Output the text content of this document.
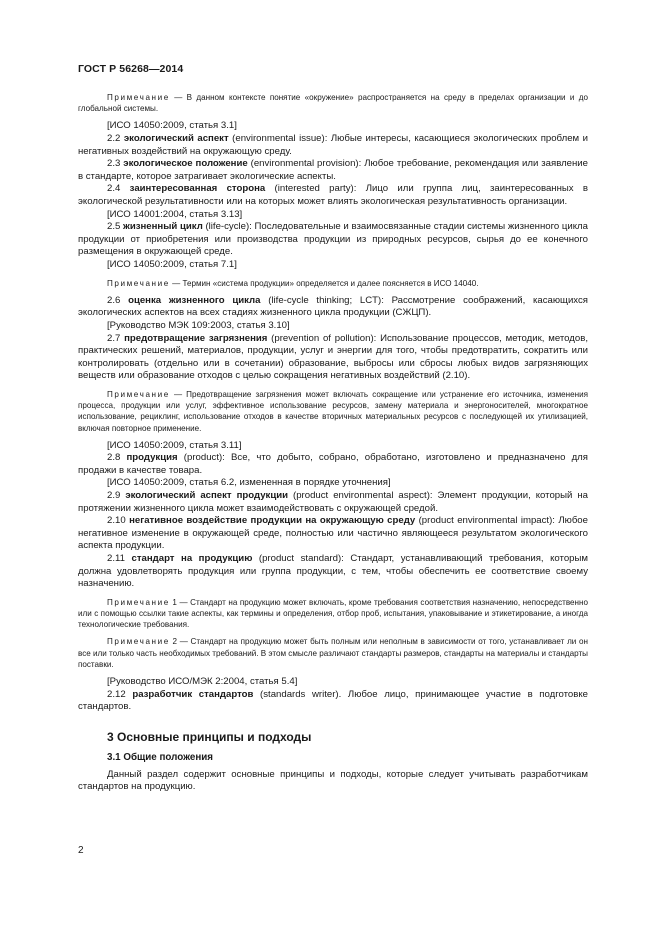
ГОСТ Р 56268—2014

Примечание — В данном контексте понятие «окружение» распространяется на среду в пределах организации и до глобальной системы.

[ИСО 14050:2009, статья 3.1]

2.2 экологический аспект (environmental issue): Любые интересы, касающиеся экологических проблем и негативных воздействий на окружающую среду.

2.3 экологическое положение (environmental provision): Любое требование, рекомендация или заявление в стандарте, которое затрагивает экологические аспекты.

2.4 заинтересованная сторона (interested party): Лицо или группа лиц, заинтересованных в экологической результативности или на которых может влиять экологическая результативность организации.

[ИСО 14001:2004, статья 3.13]

2.5 жизненный цикл (life-cycle): Последовательные и взаимосвязанные стадии системы жизненного цикла продукции от приобретения или производства продукции из природных ресурсов, сырья до ее конечного размещения в окружающей среде.

[ИСО 14050:2009, статья 7.1]

Примечание — Термин «система продукции» определяется и далее поясняется в ИСО 14040.

2.6 оценка жизненного цикла (life-cycle thinking; LCT): Рассмотрение соображений, касающихся экологических аспектов на всех стадиях жизненного цикла продукции (СЖЦП).

[Руководство МЭК 109:2003, статья 3.10]

2.7 предотвращение загрязнения (prevention of pollution): Использование процессов, методик, методов, практических решений, материалов, продукции, услуг и энергии для того, чтобы предотвратить, сократить или контролировать (отдельно или в сочетании) образование, выбросы или сбросы любых видов загрязняющих веществ или образование отходов с целью сокращения негативных воздействий (2.10).

Примечание — Предотвращение загрязнения может включать сокращение или устранение его источника, изменения процесса, продукции или услуг, эффективное использование ресурсов, замену материала и энергоносителей, многократное использование, рециклинг, использование отходов в качестве вторичных материальных ресурсов с последующей их утилизацией, включая повторное применение.

[ИСО 14050:2009, статья 3.11]

2.8 продукция (product): Все, что добыто, собрано, обработано, изготовлено и предназначено для продажи в качестве товара.

[ИСО 14050:2009, статья 6.2, измененная в порядке уточнения]

2.9 экологический аспект продукции (product environmental aspect): Элемент продукции, который на протяжении жизненного цикла может взаимодействовать с окружающей средой.

2.10 негативное воздействие продукции на окружающую среду (product environmental impact): Любое негативное изменение в окружающей среде, полностью или частично являющееся результатом экологического аспекта продукции.

2.11 стандарт на продукцию (product standard): Стандарт, устанавливающий требования, которым должна удовлетворять продукция или группа продукции, с тем, чтобы обеспечить ее соответствие своему назначению.

Примечание 1 — Стандарт на продукцию может включать, кроме требования соответствия назначению, непосредственно или с помощью ссылки такие аспекты, как термины и определения, отбор проб, испытания, упаковывание и этикетирование, а иногда технологические требования.

Примечание 2 — Стандарт на продукцию может быть полным или неполным в зависимости от того, устанавливает ли он все или только часть необходимых требований. В этом смысле различают стандарты размеров, стандарты на материалы и стандарты поставки.

[Руководство ИСО/МЭК 2:2004, статья 5.4]

2.12 разработчик стандартов (standards writer). Любое лицо, принимающее участие в подготовке стандартов.

3 Основные принципы и подходы
3.1 Общие положения

Данный раздел содержит основные принципы и подходы, которые следует учитывать разработчикам стандартов на продукцию.

2
